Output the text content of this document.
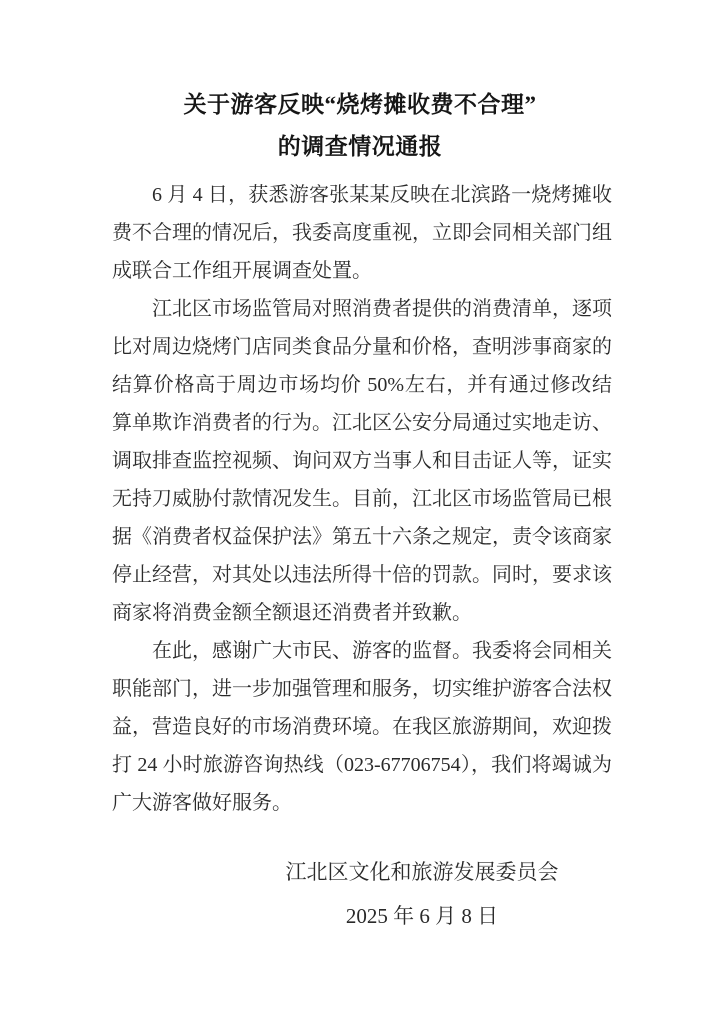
关于游客反映“烧烤摊收费不合理”
的调查情况通报

6 月 4 日，获悉游客张某某反映在北滨路一烧烤摊收费不合理的情况后，我委高度重视，立即会同相关部门组成联合工作组开展调查处置。

江北区市场监管局对照消费者提供的消费清单，逐项比对周边烧烤门店同类食品分量和价格，查明涉事商家的结算价格高于周边市场均价 50%左右，并有通过修改结算单欺诈消费者的行为。江北区公安分局通过实地走访、调取排查监控视频、询问双方当事人和目击证人等，证实无持刀威胁付款情况发生。目前，江北区市场监管局已根据《消费者权益保护法》第五十六条之规定，责令该商家停止经营，对其处以违法所得十倍的罚款。同时，要求该商家将消费金额全额退还消费者并致歉。

在此，感谢广大市民、游客的监督。我委将会同相关职能部门，进一步加强管理和服务，切实维护游客合法权益，营造良好的市场消费环境。在我区旅游期间，欢迎拨打 24 小时旅游咨询热线（023-67706754），我们将竭诚为广大游客做好服务。

江北区文化和旅游发展委员会
2025 年 6 月 8 日
